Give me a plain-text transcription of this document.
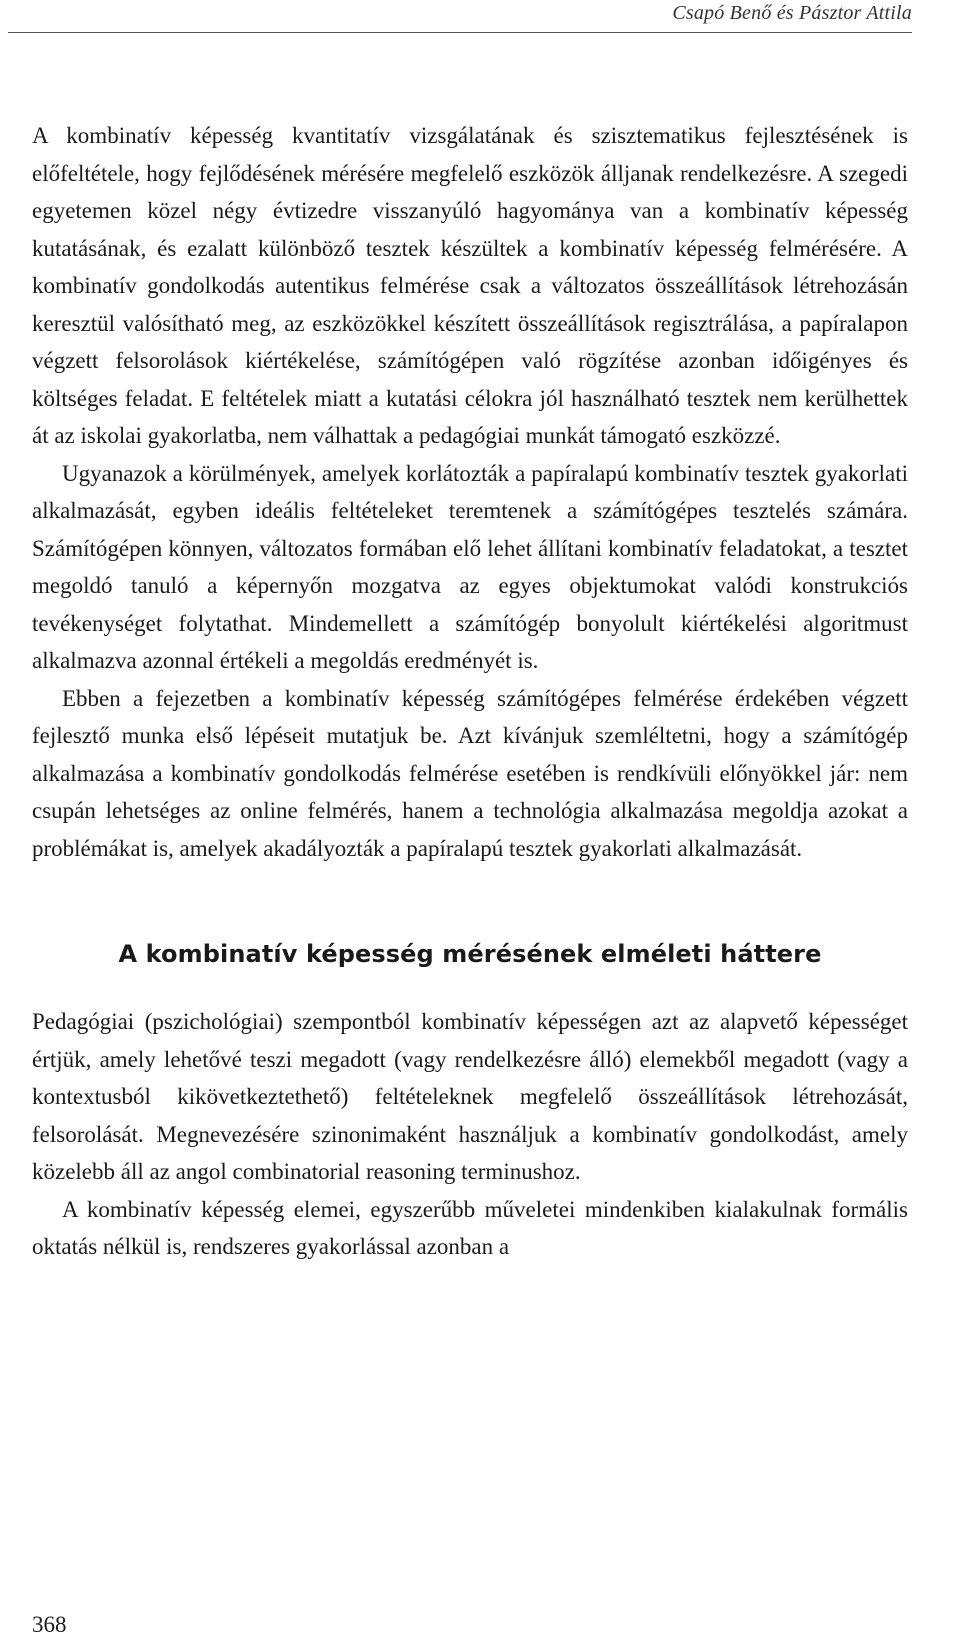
Csapó Benő és Pásztor Attila

A kombinatív képesség kvantitatív vizsgálatának és szisztematikus fejlesztésének is előfeltétele, hogy fejlődésének mérésére megfelelő eszközök álljanak rendelkezésre. A szegedi egyetemen közel négy évtizedre visszanyúló hagyománya van a kombinatív képesség kutatásának, és ezalatt különböző tesztek készültek a kombinatív képesség felmérésére. A kombinatív gondolkodás autentikus felmérése csak a változatos összeállítások létrehozásán keresztül valósítható meg, az eszközökkel készített összeállítások regisztrálása, a papíralapon végzett felsorolások kiértékelése, számítógépen való rögzítése azonban időigényes és költséges feladat. E feltételek miatt a kutatási célokra jól használható tesztek nem kerülhettek át az iskolai gyakorlatba, nem válhattak a pedagógiai munkát támogató eszközzé.

Ugyanazok a körülmények, amelyek korlátozták a papíralapú kombinatív tesztek gyakorlati alkalmazását, egyben ideális feltételeket teremtenek a számítógépes tesztelés számára. Számítógépen könnyen, változatos formában elő lehet állítani kombinatív feladatokat, a tesztet megoldó tanuló a képernyőn mozgatva az egyes objektumokat valódi konstrukciós tevékenységet folytathat. Mindemellett a számítógép bonyolult kiértékelési algoritmust alkalmazva azonnal értékeli a megoldás eredményét is.

Ebben a fejezetben a kombinatív képesség számítógépes felmérése érdekében végzett fejlesztő munka első lépéseit mutatjuk be. Azt kívánjuk szemléltetni, hogy a számítógép alkalmazása a kombinatív gondolkodás felmérése esetében is rendkívüli előnyökkel jár: nem csupán lehetséges az online felmérés, hanem a technológia alkalmazása megoldja azokat a problémákat is, amelyek akadályozták a papíralapú tesztek gyakorlati alkalmazását.

A kombinatív képesség mérésének elméleti háttere

Pedagógiai (pszichológiai) szempontból kombinatív képességen azt az alapvető képességet értjük, amely lehetővé teszi megadott (vagy rendelkezésre álló) elemekből megadott (vagy a kontextusból kikövetkeztethető) feltételeknek megfelelő összeállítások létrehozását, felsorolását. Megnevezésére szinonimaként használjuk a kombinatív gondolkodást, amely közelebb áll az angol combinatorial reasoning terminushoz.

A kombinatív képesség elemei, egyszerűbb műveletei mindenkiben kialakulnak formális oktatás nélkül is, rendszeres gyakorlással azonban a

368
